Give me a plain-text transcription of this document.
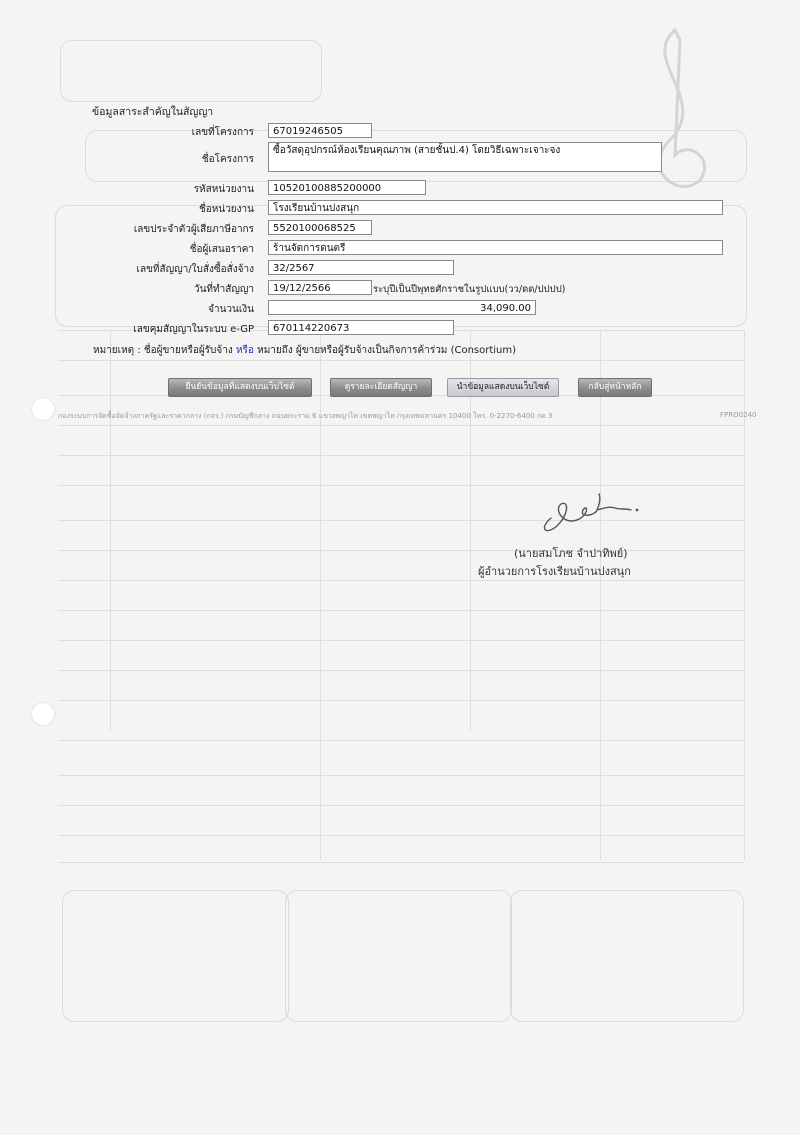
ข้อมูลสาระสำคัญในสัญญา
เลขที่โครงการ	67019246505
ชื่อโครงการ
ซื้อวัสดุอุปกรณ์ห้องเรียนคุณภาพ (สายชั้นป.4) โดยวิธีเฉพาะเจาะจง
รหัสหน่วยงาน	10520100885200000
ชื่อหน่วยงาน	โรงเรียนบ้านปงสนุก
เลขประจำตัวผู้เสียภาษีอากร	5520100068525
ชื่อผู้เสนอราคา	ร้านจัดการดนตรี
เลขที่สัญญา/ใบสั่งซื้อสั่งจ้าง	32/2567
วันที่ทำสัญญา	19/12/2566	ระบุปีเป็นปีพุทธศักราชในรูปแบบ(วว/ดด/ปปปป)
จำนวนเงิน	34,090.00
เลขคุมสัญญาในระบบ e-GP	670114220673
หมายเหตุ : ชื่อผู้ขายหรือผู้รับจ้าง หรือ หมายถึง ผู้ขายหรือผู้รับจ้างเป็นกิจการค้าร่วม (Consortium)
ยืนยันข้อมูลที่แสดงบนเว็บไซต์	ดูรายละเอียดสัญญา	นำข้อมูลแสดงบนเว็บไซต์	กลับสู่หน้าหลัก
กองระบบการจัดซื้อจัดจ้างภาครัฐและราคากลาง (กจร.) กรมบัญชีกลาง ถนนพระราม 6 แขวงพญาไท เขตพญาไท กรุงเทพมหานคร 10400 โทร. 0-2270-6400 กด 3	FPRO0240
(นายสมโภช จำปาทิพย์)
ผู้อำนวยการโรงเรียนบ้านปงสนุก
